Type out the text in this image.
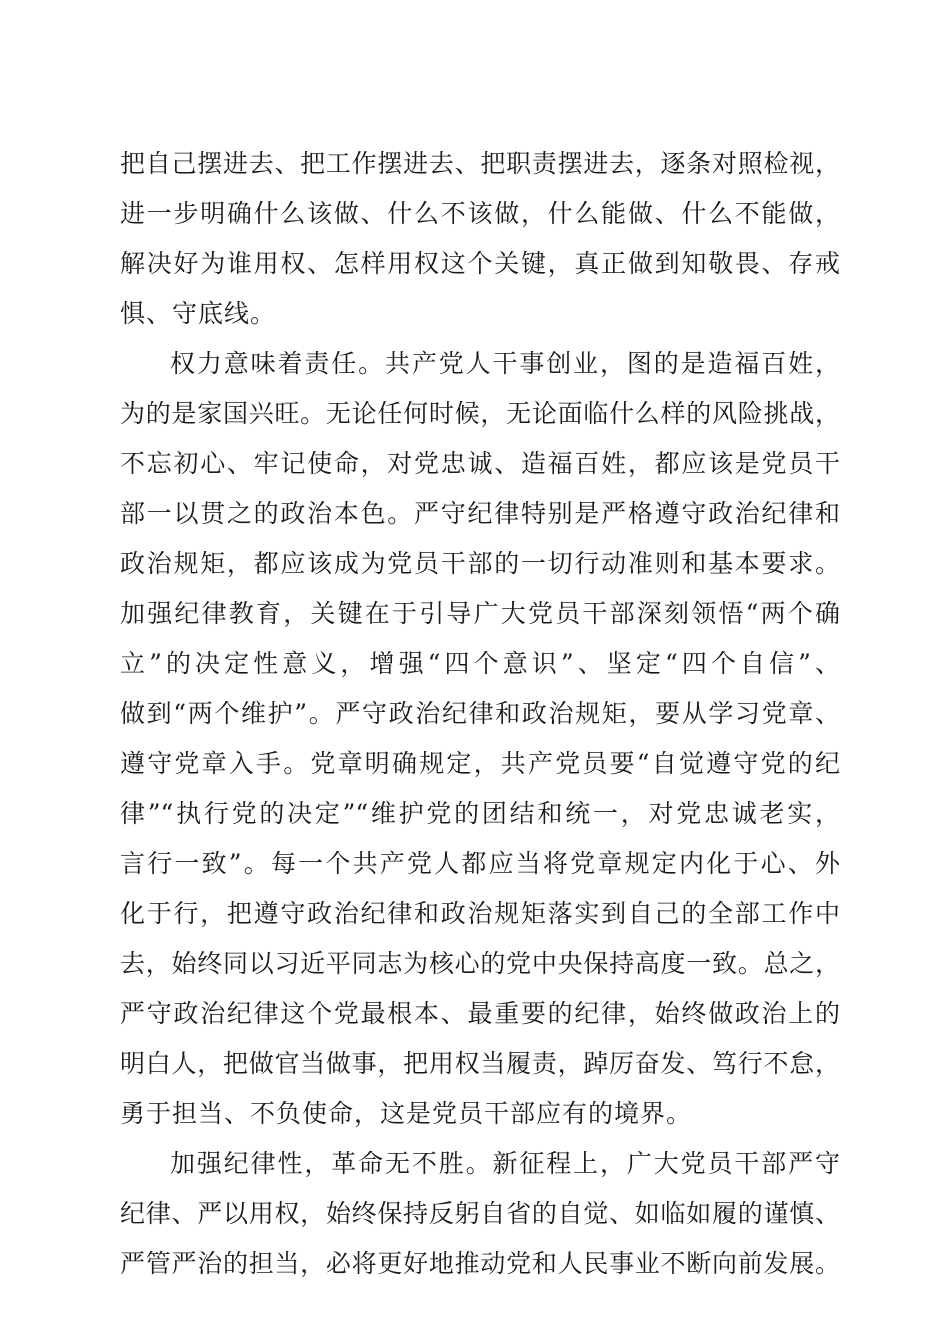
把自己摆进去、把工作摆进去、把职责摆进去，逐条对照检视，
进一步明确什么该做、什么不该做，什么能做、什么不能做，
解决好为谁用权、怎样用权这个关键，真正做到知敬畏、存戒
惧、守底线。
权力意味着责任。共产党人干事创业，图的是造福百姓，
为的是家国兴旺。无论任何时候，无论面临什么样的风险挑战，
不忘初心、牢记使命，对党忠诚、造福百姓，都应该是党员干
部一以贯之的政治本色。严守纪律特别是严格遵守政治纪律和
政治规矩，都应该成为党员干部的一切行动准则和基本要求。
加强纪律教育，关键在于引导广大党员干部深刻领悟“两个确
立”的决定性意义，增强“四个意识”、坚定“四个自信”、
做到“两个维护”。严守政治纪律和政治规矩，要从学习党章、
遵守党章入手。党章明确规定，共产党员要“自觉遵守党的纪
律”“执行党的决定”“维护党的团结和统一，对党忠诚老实，
言行一致”。每一个共产党人都应当将党章规定内化于心、外
化于行，把遵守政治纪律和政治规矩落实到自己的全部工作中
去，始终同以习近平同志为核心的党中央保持高度一致。总之，
严守政治纪律这个党最根本、最重要的纪律，始终做政治上的
明白人，把做官当做事，把用权当履责，踔厉奋发、笃行不怠，
勇于担当、不负使命，这是党员干部应有的境界。
加强纪律性，革命无不胜。新征程上，广大党员干部严守
纪律、严以用权，始终保持反躬自省的自觉、如临如履的谨慎、
严管严治的担当，必将更好地推动党和人民事业不断向前发展。
